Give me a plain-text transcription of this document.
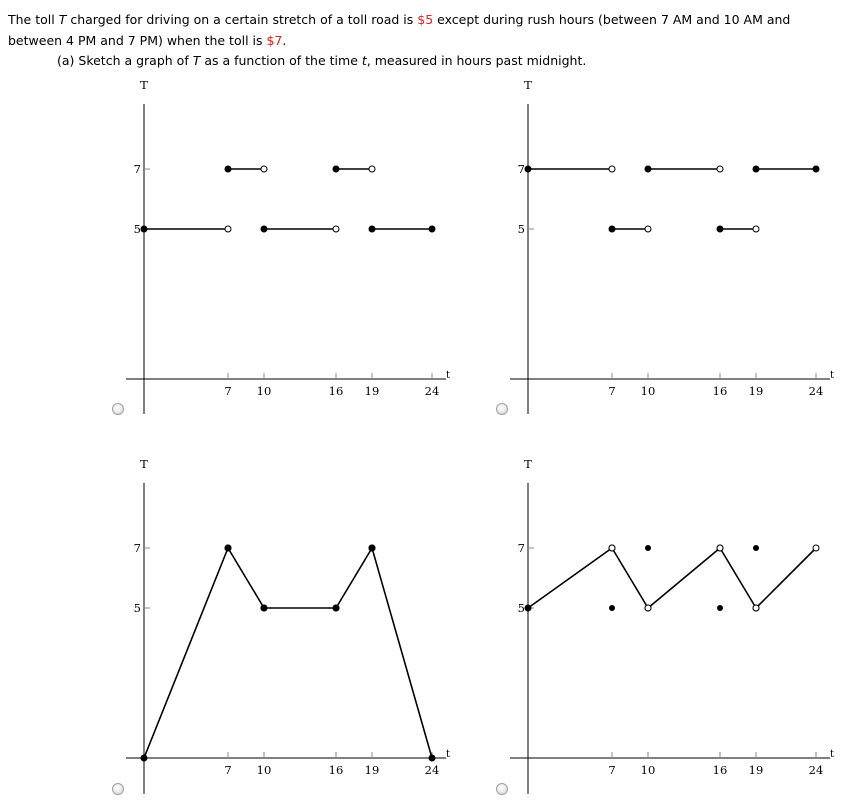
The toll T charged for driving on a certain stretch of a toll road is $5 except during rush hours (between 7 AM and 10 AM and between 4 PM and 7 PM) when the toll is $7.
(a) Sketch a graph of T as a function of the time t, measured in hours past midnight.
T
t
7 10	16 19	24
5
7
T
t
7 10	16 19	24
5
7
T
t
7 10	16 19	24
5
7
T
t
7 10	16 19	24
5
7
